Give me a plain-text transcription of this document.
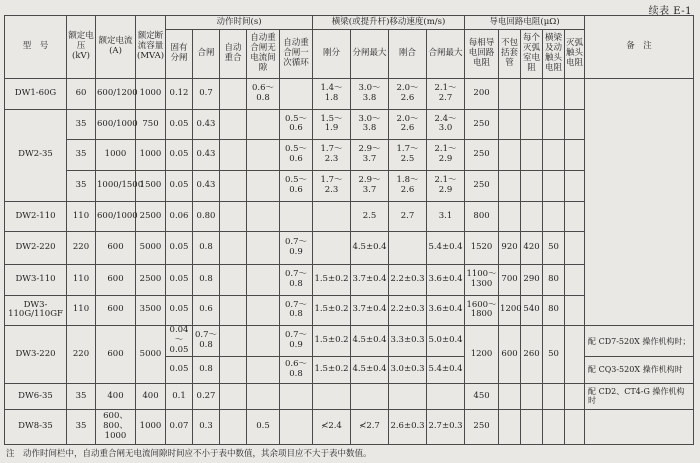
续表 E-1
型　号	额定电压(kV)	额定电流(A)	额定断流容量(MVA)	动作时间(s)					横梁(或提升杆)移动速度(m/s)				导电回路电阻(μΩ)					备　注
				固有分闸	合闸	自动重合	自动重合闸无电流间隙	自动重合闸一次循环	刚分	分闸最大	刚合	合闸最大	每相导电回路电阻	不包括套管	每个灭弧室电阻	横梁及动触头电阻	灭弧触头电阻	
DW1-60G	60	600/1200	1000	0.12	0.7		0.6～0.8		1.4～1.8	3.0～3.8	2.0～2.6	2.1～2.7	200					
DW2-35	35	600/1000	750	0.05	0.43			0.5～0.6	1.5～1.9	3.0～3.8	2.0～2.6	2.4～3.0	250					
	35	1000	1000	0.05	0.43			0.5～0.6	1.7～2.3	2.9～3.7	1.7～2.5	2.1～2.9	250					
	35	1000/1500	1500	0.05	0.43			0.5～0.6	1.7～2.3	2.9～3.7	1.8～2.6	2.1～2.9	250					
DW2-110	110	600/1000	2500	0.06	0.80					2.5	2.7	3.1	800					
DW2-220	220	600	5000	0.05	0.8			0.7～0.9		4.5±0.4		5.4±0.4	1520	920	420	50		
DW3-110	110	600	2500	0.05	0.8			0.7～0.8	1.5±0.2	3.7±0.4	2.2±0.3	3.6±0.4	1100～1300	700	290	80		
DW3-110G/110GF	110	600	3500	0.05	0.6			0.7～0.8	1.5±0.2	3.7±0.4	2.2±0.3	3.6±0.4	1600～1800	1200	540	80		
DW3-220	220	600	5000	0.04～0.05	0.7～0.8			0.7～0.9	1.5±0.2	4.5±0.4	3.3±0.3	5.0±0.4	1200	600	260	50		配 CD7-520X 操作机构时；
				0.05	0.8			0.6～0.8	1.5±0.2	4.5±0.4	3.0±0.3	5.4±0.4						配 CQ3-520X 操作机构时
DW6-35	35	400	400	0.1	0.27								450					配 CD2、CT4-G 操作机构时
DW8-35	35	600、800、1000	1000	0.07	0.3		0.5		≮2.4	≮2.7	2.6±0.3	2.7±0.3	250					
注　动作时间栏中，自动重合闸无电流间隙时间应不小于表中数值，其余项目应不大于表中数值。
